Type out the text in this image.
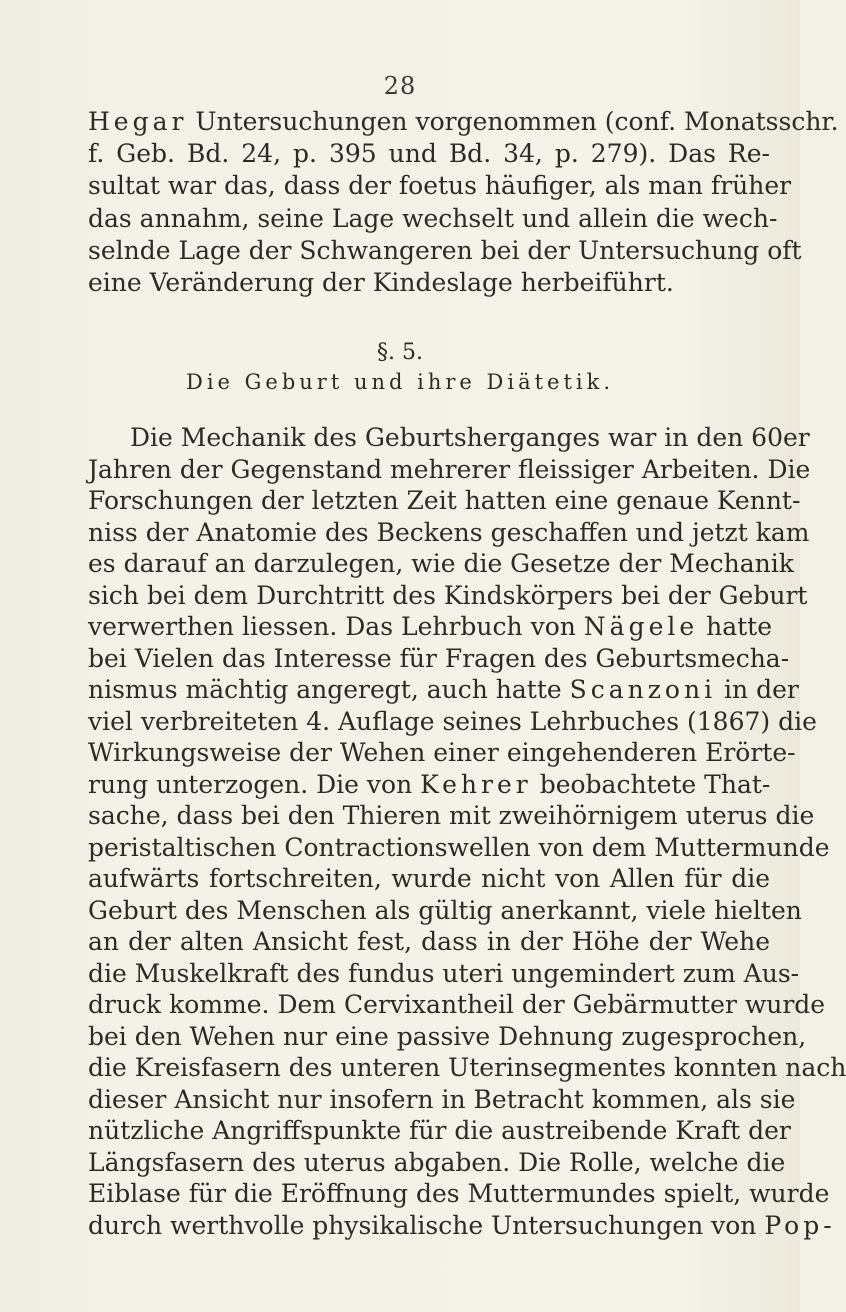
28
Hegar Untersuchungen vorgenommen (conf. Monatsschr.
f. Geb. Bd. 24, p. 395 und Bd. 34, p. 279). Das Re-
sultat war das, dass der foetus häufiger, als man früher
das annahm, seine Lage wechselt und allein die wech-
selnde Lage der Schwangeren bei der Untersuchung oft
eine Veränderung der Kindeslage herbeiführt.
§. 5.
Die Geburt und ihre Diätetik.
Die Mechanik des Geburtsherganges war in den 60er
Jahren der Gegenstand mehrerer fleissiger Arbeiten. Die
Forschungen der letzten Zeit hatten eine genaue Kennt-
niss der Anatomie des Beckens geschaffen und jetzt kam
es darauf an darzulegen, wie die Gesetze der Mechanik
sich bei dem Durchtritt des Kindskörpers bei der Geburt
verwerthen liessen. Das Lehrbuch von Nägele hatte
bei Vielen das Interesse für Fragen des Geburtsmecha-
nismus mächtig angeregt, auch hatte Scanzoni in der
viel verbreiteten 4. Auflage seines Lehrbuches (1867) die
Wirkungsweise der Wehen einer eingehenderen Erörte-
rung unterzogen. Die von Kehrer beobachtete That-
sache, dass bei den Thieren mit zweihörnigem uterus die
peristaltischen Contractionswellen von dem Muttermunde
aufwärts fortschreiten, wurde nicht von Allen für die
Geburt des Menschen als gültig anerkannt, viele hielten
an der alten Ansicht fest, dass in der Höhe der Wehe
die Muskelkraft des fundus uteri ungemindert zum Aus-
druck komme. Dem Cervixantheil der Gebärmutter wurde
bei den Wehen nur eine passive Dehnung zugesprochen,
die Kreisfasern des unteren Uterinsegmentes konnten nach
dieser Ansicht nur insofern in Betracht kommen, als sie
nützliche Angriffspunkte für die austreibende Kraft der
Längsfasern des uterus abgaben. Die Rolle, welche die
Eiblase für die Eröffnung des Muttermundes spielt, wurde
durch werthvolle physikalische Untersuchungen von Pop-
